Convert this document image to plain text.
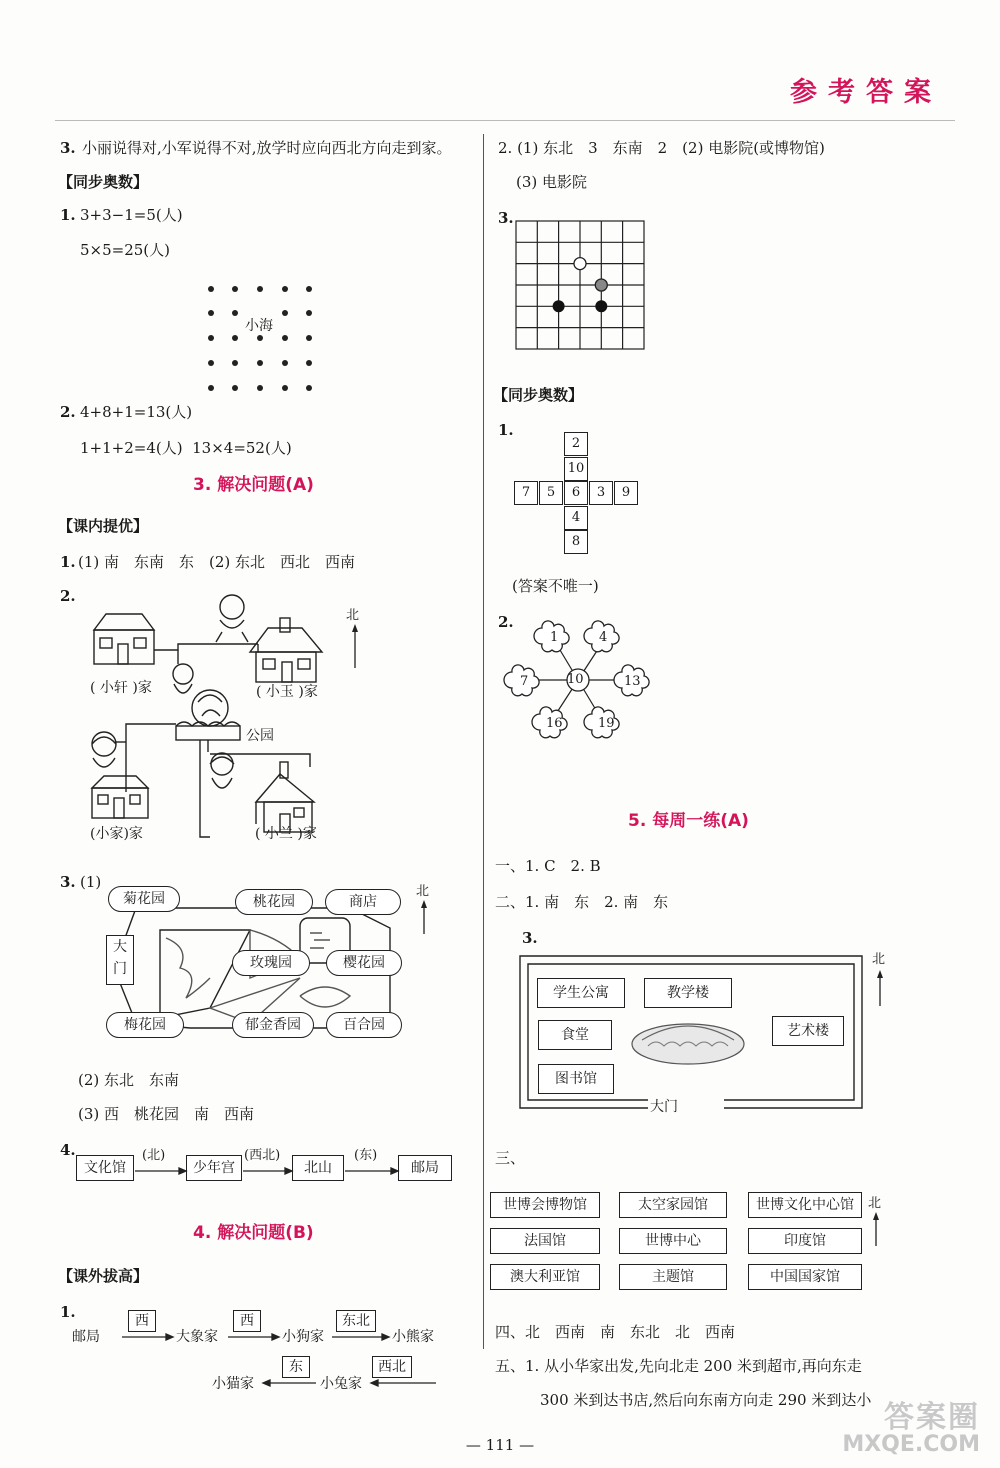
参考答案
3. 小丽说得对,小军说得不对,放学时应向西北方向走到家。
【同步奥数】
1. 3+3−1=5(人)
5×5=25(人)
小海
2. 4+8+1=13(人)
1+1+2=4(人)  13×4=52(人)
3. 解决问题(A)
【课内提优】
1. (1) 南　东南　东　(2) 东北　西北　西南
2.
北
( 小轩 )家	( 小玉 )家
公园
(小家)家	( 小兰 )家
3. (1)
菊花园	桃花园	商店
大门	玫瑰园	樱花园
梅花园	郁金香园	百合园
北
(2) 东北　东南
(3) 西　桃花园　南　西南
4.
文化馆	少年宫	北山	邮局
(北)	(西北)	(东)
4. 解决问题(B)
【课外拔高】
1.
邮局	大象家	小狗家	小熊家
西	西	东北
小猫家	小兔家
东	西北
2. (1) 东北　3　东南　2　(2) 电影院(或博物馆)
(3) 电影院
3.
【同步奥数】
1.
2
10
7	5	6	3	9
4
8
(答案不唯一)
2.
10
1	4
7	13
16	19
5. 每周一练(A)
一、1. C　2. B
二、1. 南　东　2. 南　东
3.
学生公寓	教学楼
食堂	艺术楼
图书馆
大门
北
三、
世博会博物馆	太空家园馆	世博文化中心馆
法国馆	世博中心	印度馆
澳大利亚馆	主题馆	中国国家馆
北
四、北　西南　南　东北　北　西南
五、1. 从小华家出发,先向北走 200 米到超市,再向东走
300 米到达书店,然后向东南方向走 290 米到达小
— 111 —
答案圈
MXQE.COM
